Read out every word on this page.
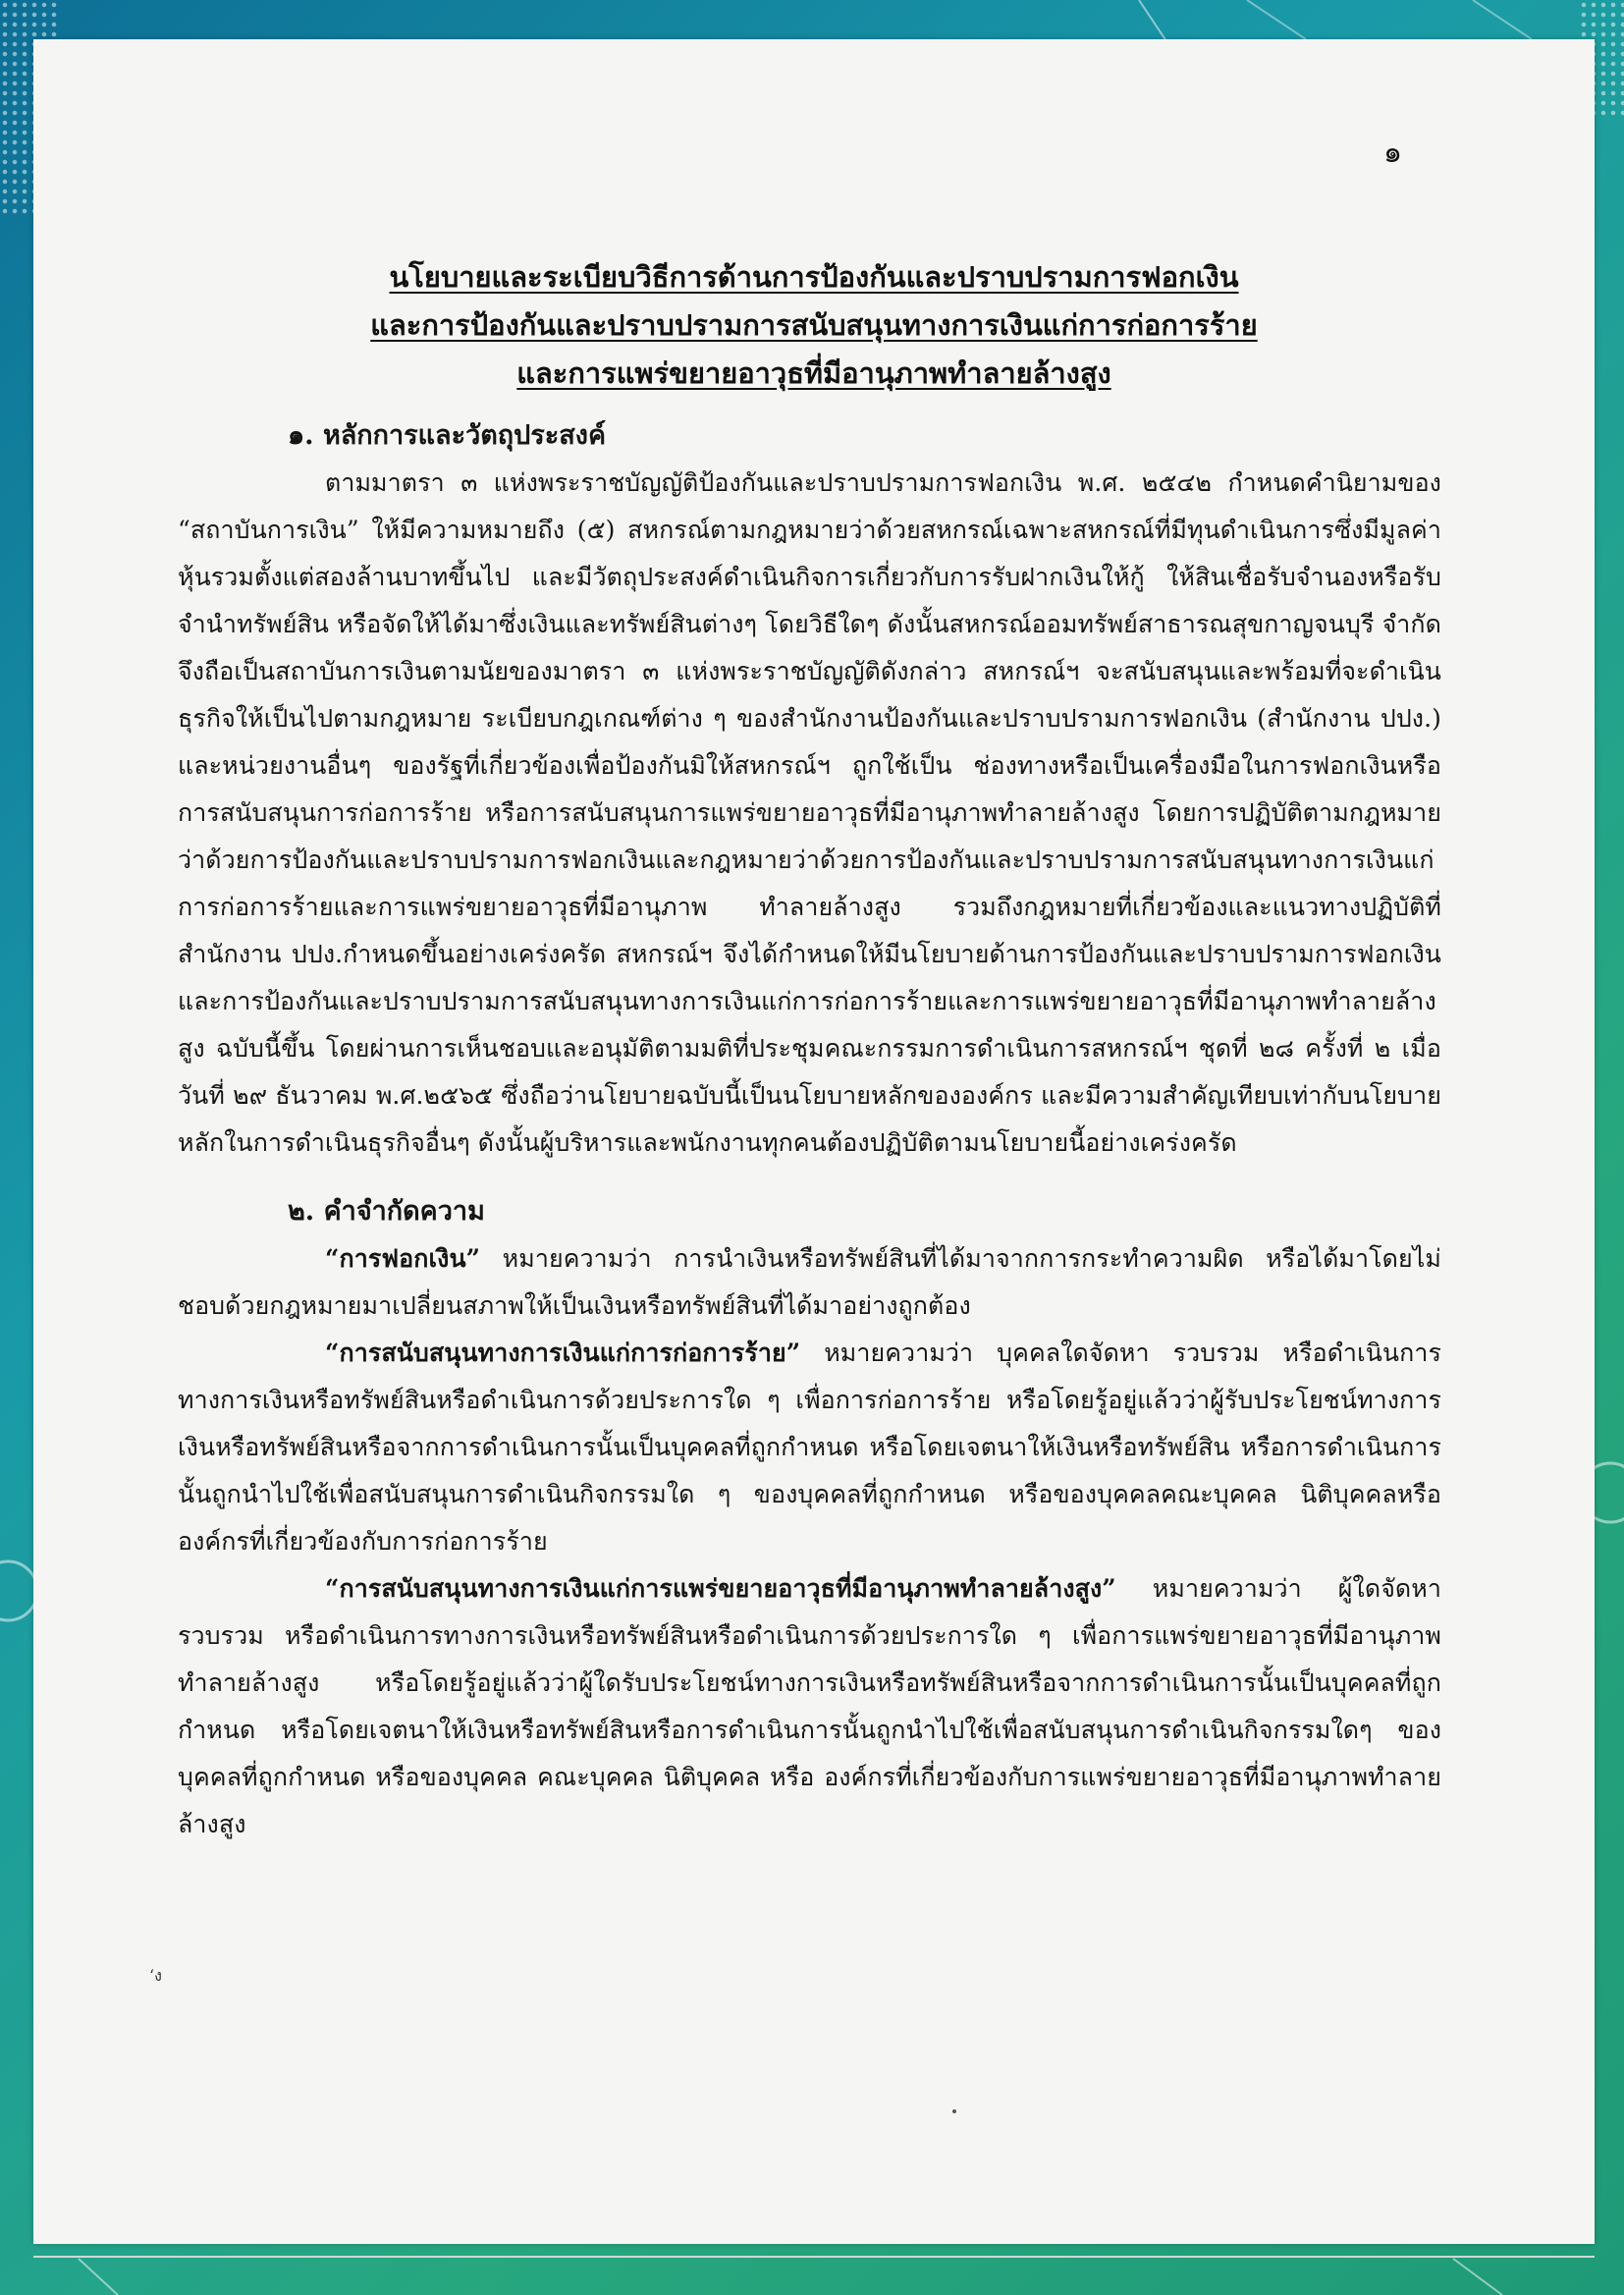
๑
นโยบายและระเบียบวิธีการด้านการป้องกันและปราบปรามการฟอกเงิน
และการป้องกันและปราบปรามการสนับสนุนทางการเงินแก่การก่อการร้าย
และการแพร่ขยายอาวุธที่มีอานุภาพทำลายล้างสูง
๑. หลักการและวัตถุประสงค์

ตามมาตรา ๓ แห่งพระราชบัญญัติป้องกันและปราบปรามการฟอกเงิน พ.ศ. ๒๕๔๒ กำหนดคำนิยามของ “สถาบันการเงิน” ให้มีความหมายถึง (๕) สหกรณ์ตามกฎหมายว่าด้วยสหกรณ์เฉพาะสหกรณ์ที่มีทุนดำเนินการซึ่งมีมูลค่าหุ้นรวมตั้งแต่สองล้านบาทขึ้นไป และมีวัตถุประสงค์ดำเนินกิจการเกี่ยวกับการรับฝากเงินให้กู้ ให้สินเชื่อรับจำนองหรือรับจำนำทรัพย์สิน หรือจัดให้ได้มาซึ่งเงินและทรัพย์สินต่างๆ โดยวิธีใดๆ ดังนั้นสหกรณ์ออมทรัพย์สาธารณสุขกาญจนบุรี จำกัด จึงถือเป็นสถาบันการเงินตามนัยของมาตรา ๓ แห่งพระราชบัญญัติดังกล่าว สหกรณ์ฯ จะสนับสนุนและพร้อมที่จะดำเนินธุรกิจให้เป็นไปตามกฎหมาย ระเบียบกฎเกณฑ์ต่าง ๆ ของสำนักงานป้องกันและปราบปรามการฟอกเงิน (สำนักงาน ปปง.) และหน่วยงานอื่นๆ ของรัฐที่เกี่ยวข้องเพื่อป้องกันมิให้สหกรณ์ฯ ถูกใช้เป็น ช่องทางหรือเป็นเครื่องมือในการฟอกเงินหรือการสนับสนุนการก่อการร้าย หรือการสนับสนุนการแพร่ขยายอาวุธที่มีอานุภาพทำลายล้างสูง โดยการปฏิบัติตามกฎหมายว่าด้วยการป้องกันและปราบปรามการฟอกเงินและกฎหมายว่าด้วยการป้องกันและปราบปรามการสนับสนุนทางการเงินแก่การก่อการร้ายและการแพร่ขยายอาวุธที่มีอานุภาพ ทำลายล้างสูง รวมถึงกฎหมายที่เกี่ยวข้องและแนวทางปฏิบัติที่สำนักงาน ปปง.กำหนดขึ้นอย่างเคร่งครัด สหกรณ์ฯ จึงได้กำหนดให้มีนโยบายด้านการป้องกันและปราบปรามการฟอกเงิน และการป้องกันและปราบปรามการสนับสนุนทางการเงินแก่การก่อการร้ายและการแพร่ขยายอาวุธที่มีอานุภาพทำลายล้างสูง ฉบับนี้ขึ้น โดยผ่านการเห็นชอบและอนุมัติตามมติที่ประชุมคณะกรรมการดำเนินการสหกรณ์ฯ ชุดที่ ๒๘ ครั้งที่ ๒ เมื่อวันที่ ๒๙ ธันวาคม พ.ศ.๒๕๖๕ ซึ่งถือว่านโยบายฉบับนี้เป็นนโยบายหลักขององค์กร และมีความสำคัญเทียบเท่ากับนโยบายหลักในการดำเนินธุรกิจอื่นๆ ดังนั้นผู้บริหารและพนักงานทุกคนต้องปฏิบัติตามนโยบายนี้อย่างเคร่งครัด

๒. คำจำกัดความ

“การฟอกเงิน” หมายความว่า การนำเงินหรือทรัพย์สินที่ได้มาจากการกระทำความผิด หรือได้มาโดยไม่ชอบด้วยกฎหมายมาเปลี่ยนสภาพให้เป็นเงินหรือทรัพย์สินที่ได้มาอย่างถูกต้อง

“การสนับสนุนทางการเงินแก่การก่อการร้าย” หมายความว่า บุคคลใดจัดหา รวบรวม หรือดำเนินการทางการเงินหรือทรัพย์สินหรือดำเนินการด้วยประการใด ๆ เพื่อการก่อการร้าย หรือโดยรู้อยู่แล้วว่าผู้รับประโยชน์ทางการเงินหรือทรัพย์สินหรือจากการดำเนินการนั้นเป็นบุคคลที่ถูกกำหนด หรือโดยเจตนาให้เงินหรือทรัพย์สิน หรือการดำเนินการนั้นถูกนำไปใช้เพื่อสนับสนุนการดำเนินกิจกรรมใด ๆ ของบุคคลที่ถูกกำหนด หรือของบุคคลคณะบุคคล นิติบุคคลหรือองค์กรที่เกี่ยวข้องกับการก่อการร้าย

“การสนับสนุนทางการเงินแก่การแพร่ขยายอาวุธที่มีอานุภาพทำลายล้างสูง” หมายความว่า ผู้ใดจัดหารวบรวม หรือดำเนินการทางการเงินหรือทรัพย์สินหรือดำเนินการด้วยประการใด ๆ เพื่อการแพร่ขยายอาวุธที่มีอานุภาพทำลายล้างสูง หรือโดยรู้อยู่แล้วว่าผู้ใดรับประโยชน์ทางการเงินหรือทรัพย์สินหรือจากการดำเนินการนั้นเป็นบุคคลที่ถูกกำหนด หรือโดยเจตนาให้เงินหรือทรัพย์สินหรือการดำเนินการนั้นถูกนำไปใช้เพื่อสนับสนุนการดำเนินกิจกรรมใดๆ ของบุคคลที่ถูกกำหนด หรือของบุคคล คณะบุคคล นิติบุคคล หรือ องค์กรที่เกี่ยวข้องกับการแพร่ขยายอาวุธที่มีอานุภาพทำลายล้างสูง

‘ง
